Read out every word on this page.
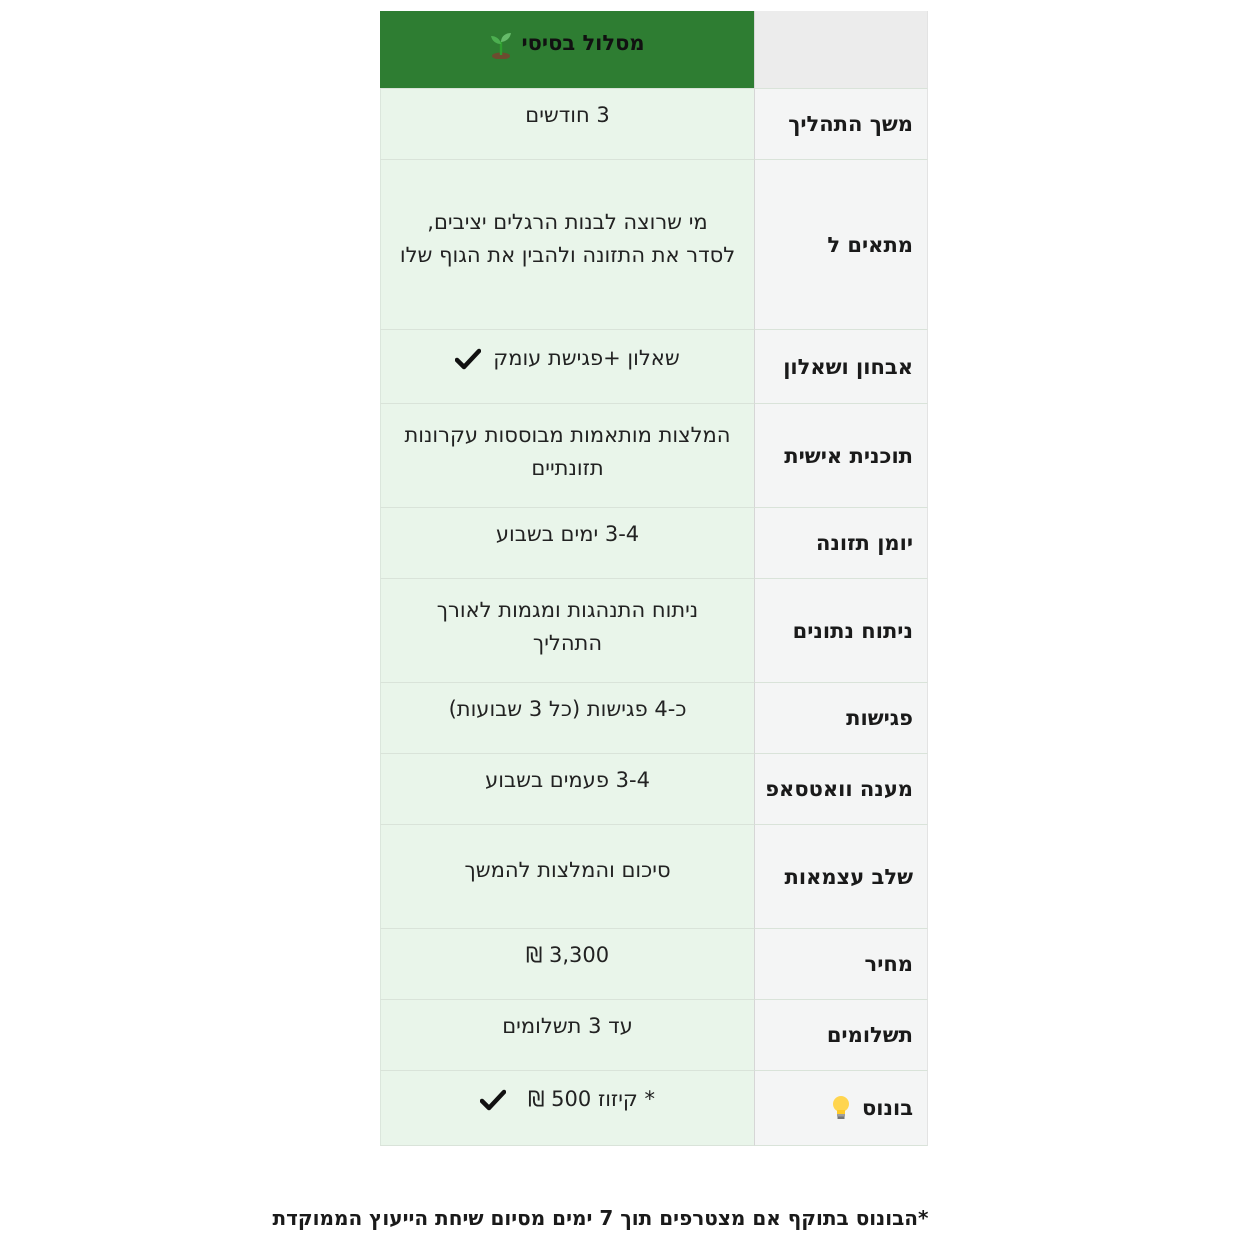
מסלול בסיסי
משך התהליך
3 חודשים
מתאים ל
מי שרוצה לבנות הרגלים יציבים,
לסדר את התזונה ולהבין את הגוף שלו
אבחון ושאלון
שאלון +פגישת עומק
תוכנית אישית
המלצות מותאמות מבוססות עקרונות
תזונתיים
יומן תזונה
3-4 ימים בשבוע
ניתוח נתונים
ניתוח התנהגות ומגמות לאורך
התהליך
פגישות
כ-4 פגישות (כל 3 שבועות)
מענה וואטסאפ
3-4 פעמים בשבוע
שלב עצמאות
סיכום והמלצות להמשך
מחיר
3,300 ₪
תשלומים
עד 3 תשלומים
בונוס
* קיזוז 500 ₪
*הבונוס בתוקף אם מצטרפים תוך 7 ימים מסיום שיחת הייעוץ הממוקדת
